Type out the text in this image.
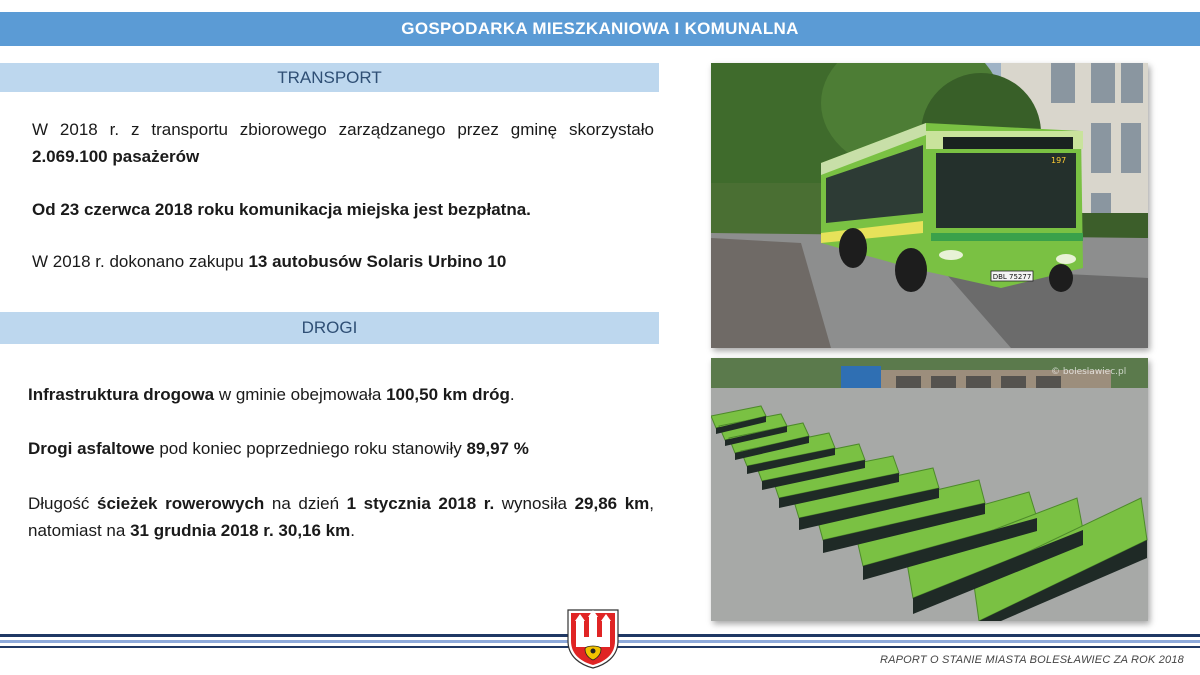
GOSPODARKA MIESZKANIOWA I KOMUNALNA
TRANSPORT

W 2018 r. z transportu zbiorowego zarządzanego przez gminę skorzystało 2.069.100 pasażerów

Od 23 czerwca 2018 roku komunikacja miejska jest bezpłatna.

W 2018 r. dokonano zakupu 13 autobusów Solaris Urbino 10

DROGI

Infrastruktura drogowa w gminie obejmowała 100,50 km dróg.

Drogi asfaltowe pod koniec poprzedniego roku stanowiły 89,97 %

Długość ścieżek rowerowych na dzień 1 stycznia 2018 r. wynosiła 29,86 km, natomiast na 31 grudnia 2018 r. 30,16 km.

DBL 75277
197
© boleslawiec.pl
RAPORT O STANIE MIASTA BOLESŁAWIEC ZA ROK 2018
